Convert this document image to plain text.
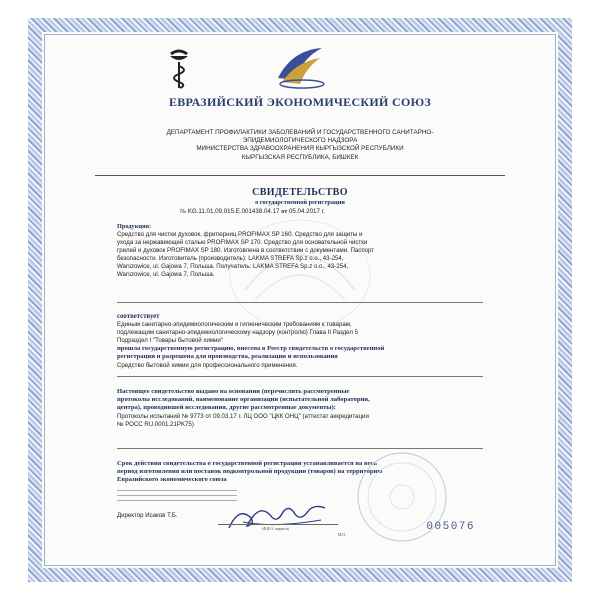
ЕВРАЗИЙСКИЙ ЭКОНОМИЧЕСКИЙ СОЮЗ
ДЕПАРТАМЕНТ ПРОФИЛАКТИКИ ЗАБОЛЕВАНИЙ И ГОСУДАРСТВЕННОГО САНИТАРНО-
ЭПИДЕМИОЛОГИЧЕСКОГО НАДЗОРА
МИНИСТЕРСТВА ЗДРАВООХРАНЕНИЯ КЫРГЫЗСКОЙ РЕСПУБЛИКИ
КЫРГЫЗСКАЯ РЕСПУБЛИКА, БИШКЕК
СВИДЕТЕЛЬСТВО
о государственной регистрации
№ KG.11.01.09.015.E.001438.04.17 от 05.04.2017 г.
Продукция:
Средство для чистки духовок, фритюрниц PROFIMAX SP 160. Средство для защиты и
ухода за нержавеющей сталью PROFIMAX SP 170. Средство для основательной чистки
грилей и духовок PROFIMAX SP 180. Изготовлена в соответствии с документами. Паспорт
безопасности. Изготовитель (производитель): LAKMA STREFA Sp.z o.o., 43-254,
Warszowice, ul. Gajowa 7, Польша. Получатель: LAKMA STREFA Sp.z o.o., 43-254,
Warszowice, ul. Gajowa 7, Польша.
соответствует
Единым санитарно-эпидемиологическим и гигиеническим требованиям к товарам,
подлежащим санитарно-эпидемиологическому надзору (контролю) Глава II Раздел 5
Подраздел I "Товары бытовой химии"
прошла государственную регистрацию, внесена в Реестр свидетельств о государственной
регистрации и разрешена для производства, реализации и использования
Средство бытовой химии для профессионального применения.
Настоящее свидетельство выдано на основании (перечислить рассмотренные
протоколы исследований, наименование организации (испытательной лаборатории,
центра), проводившей исследования, другие рассмотренные документы):
Протоколы испытаний № 9773 от 09.03.17 г. ЛЦ ООО "ЦКК ОНЦ" (аттестат аккредитации
№ РОСС RU.0001.21PK75)
Срок действия свидетельства о государственной регистрации устанавливается на весь
период изготовления или поставок подконтрольной продукции (товаров) на территорию
Евразийского экономического союза
Директор Исаков Т.Б.
(Ф.И.О. подписи)
М.П.
005076
